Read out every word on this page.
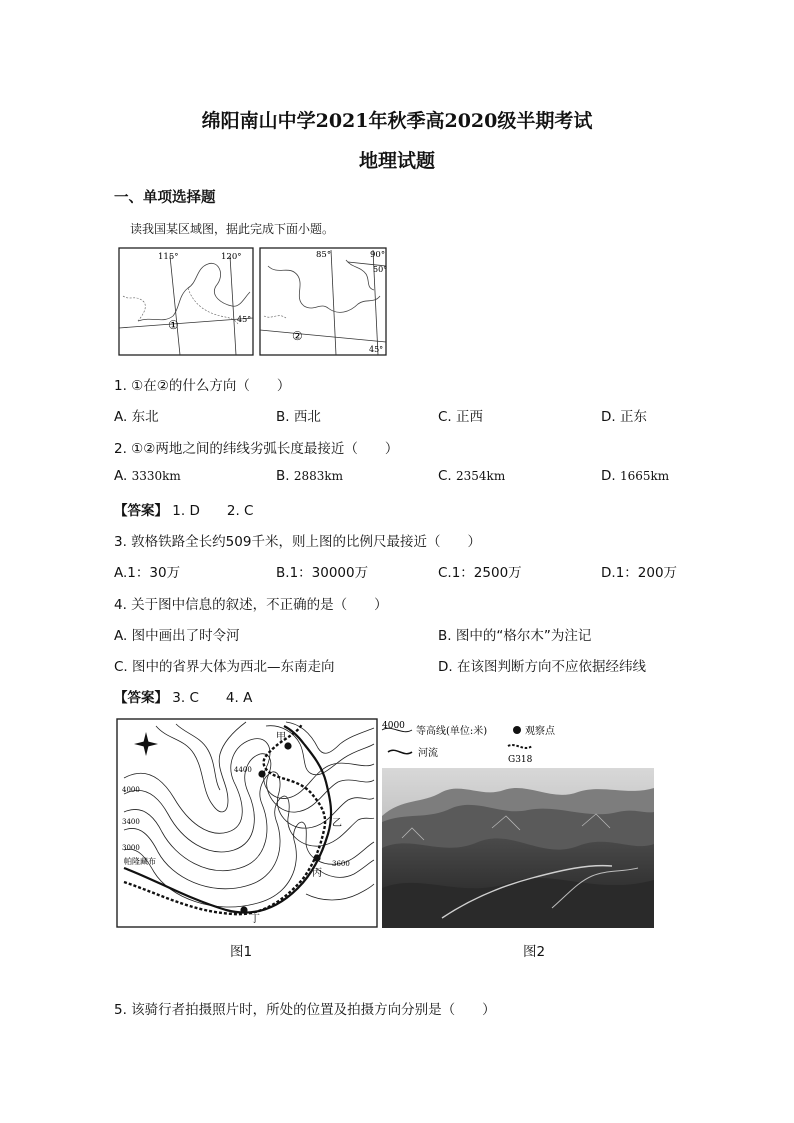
绵阳南山中学2021年秋季高2020级半期考试
地理试题
一、单项选择题
读我国某区域图，据此完成下面小题。
115°	120°
45°
①
85°	90°
50°
45°
②
1. ①在②的什么方向（　　）
A. 东北	B. 西北	C. 正西	D. 正东
2. ①②两地之间的纬线劣弧长度最接近（　　）
A. 3330km	B. 2883km	C. 2354km	D. 1665km
【答案】 1. D　　2. C
3. 敦格铁路全长约509千米，则上图的比例尺最接近（　　）
A.1：30万	B.1：30000万	C.1：2500万	D.1：200万
4. 关于图中信息的叙述，不正确的是（　　）
A. 图中画出了时令河	B. 图中的“格尔木”为注记
C. 图中的省界大体为西北—东南走向	D. 在该图判断方向不应依据经纬线
【答案】 3. C　　4. A
甲
乙
丙
丁
4400
4000
3400
3000
3600
帕隆藏布
4000 等高线(单位:米)	观察点
河流
G318
图1	图2
5. 该骑行者拍摄照片时，所处的位置及拍摄方向分别是（　　）
